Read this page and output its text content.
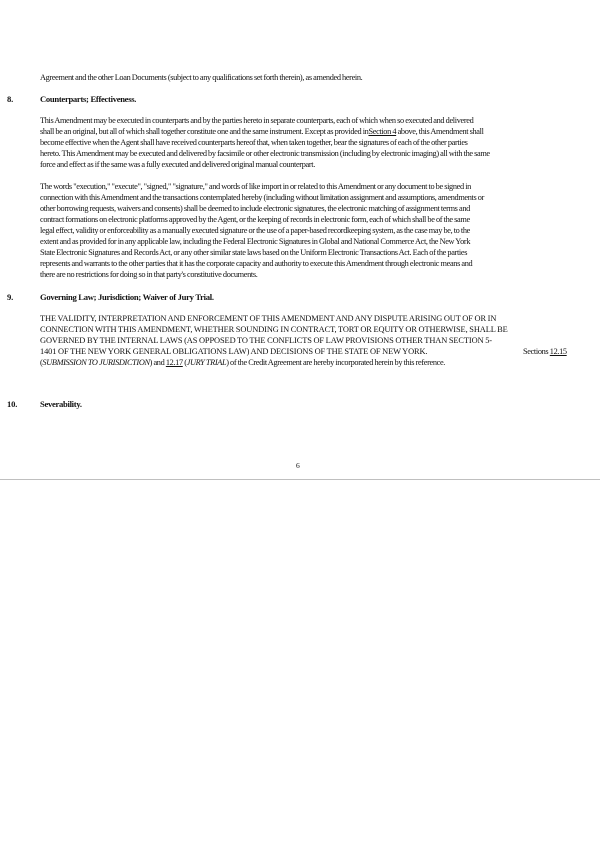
Agreement and the other Loan Documents (subject to any qualifications set forth therein), as amended herein.
8.	Counterparts; Effectiveness.
This Amendment may be executed in counterparts and by the parties hereto in separate counterparts, each of which when so executed and delivered
shall be an original, but all of which shall together constitute one and the same instrument. Except as provided inSection 4 above, this Amendment shall
become effective when the Agent shall have received counterparts hereof that, when taken together, bear the signatures of each of the other parties
hereto. This Amendment may be executed and delivered by facsimile or other electronic transmission (including by electronic imaging) all with the same
force and effect as if the same was a fully executed and delivered original manual counterpart.
The words "execution," "execute", "signed," "signature," and words of like import in or related to this Amendment or any document to be signed in
connection with this Amendment and the transactions contemplated hereby (including without limitation assignment and assumptions, amendments or
other borrowing requests, waivers and consents) shall be deemed to include electronic signatures, the electronic matching of assignment terms and
contract formations on electronic platforms approved by the Agent, or the keeping of records in electronic form, each of which shall be of the same
legal effect, validity or enforceability as a manually executed signature or the use of a paper-based recordkeeping system, as the case may be, to the
extent and as provided for in any applicable law, including the Federal Electronic Signatures in Global and National Commerce Act, the New York
State Electronic Signatures and Records Act, or any other similar state laws based on the Uniform Electronic Transactions Act. Each of the parties
represents and warrants to the other parties that it has the corporate capacity and authority to execute this Amendment through electronic means and
there are no restrictions for doing so in that party's constitutive documents.
9.	Governing Law; Jurisdiction; Waiver of Jury Trial.
THE VALIDITY, INTERPRETATION AND ENFORCEMENT OF THIS AMENDMENT AND ANY DISPUTE ARISING OUT OF OR IN
CONNECTION WITH THIS AMENDMENT, WHETHER SOUNDING IN CONTRACT, TORT OR EQUITY OR OTHERWISE, SHALL BE
GOVERNED BY THE INTERNAL LAWS (AS OPPOSED TO THE CONFLICTS OF LAW PROVISIONS OTHER THAN SECTION 5-
1401 OF THE NEW YORK GENERAL OBLIGATIONS LAW) AND DECISIONS OF THE STATE OF NEW YORK.	Sections 12.15
(SUBMISSION TO JURISDICTION) and 12.17 (JURY TRIAL) of the Credit Agreement are hereby incorporated herein by this reference.
10.	Severability.
6
